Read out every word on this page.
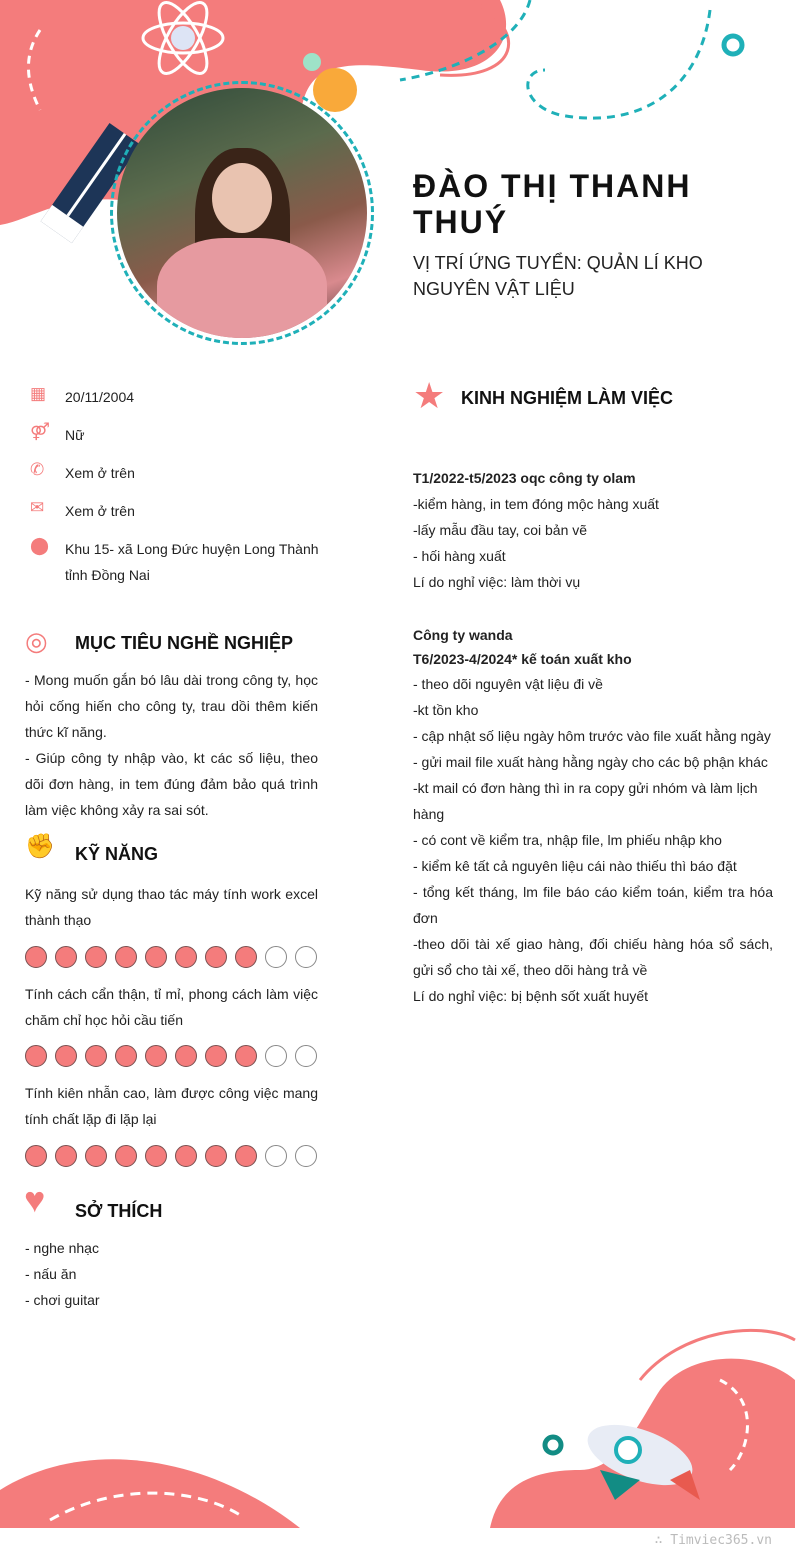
ĐÀO THỊ THANH THUÝ
VỊ TRÍ ỨNG TUYỂN: QUẢN LÍ KHO NGUYÊN VẬT LIỆU
▦	20/11/2004
⚤	Nữ
✆	Xem ở trên
✉	Xem ở trên
⬤	Khu 15- xã Long Đức huyện Long Thành tỉnh Đồng Nai
◎ MỤC TIÊU NGHỀ NGHIỆP
- Mong muốn gắn bó lâu dài trong công ty, học hỏi cống hiến cho công ty, trau dồi thêm kiến thức kĩ năng.
- Giúp công ty nhập vào, kt các số liệu, theo dõi đơn hàng, in tem đúng đảm bảo quá trình làm việc không xảy ra sai sót.
✊ KỸ NĂNG
Kỹ năng sử dụng thao tác máy tính work excel thành thạo
Tính cách cẩn thận, tỉ mỉ, phong cách làm việc chăm chỉ học hỏi cầu tiến
Tính kiên nhẫn cao, làm được công việc mang tính chất lặp đi lặp lại
♥ SỞ THÍCH
- nghe nhạc
- nấu ăn
- chơi guitar
★ KINH NGHIỆM LÀM VIỆC
T1/2022-t5/2023 oqc công ty olam
-kiểm hàng, in tem đóng mộc hàng xuất
-lấy mẫu đầu tay, coi bản vẽ
- hối hàng xuất
Lí do nghỉ việc: làm thời vụ
Công ty wanda
T6/2023-4/2024* kế toán xuất kho
- theo dõi nguyên vật liệu đi về
-kt tồn kho
- cập nhật số liệu ngày hôm trước vào file xuất hằng ngày
- gửi mail file xuất hàng hằng ngày cho các bộ phận khác
-kt mail có đơn hàng thì in ra copy gửi nhóm và làm lịch hàng
- có cont về kiểm tra, nhập file, lm phiếu nhập kho
- kiểm kê tất cả nguyên liệu cái nào thiếu thì báo đặt
- tổng kết tháng, lm file báo cáo kiểm toán, kiểm tra hóa đơn
-theo dõi tài xế giao hàng, đối chiếu hàng hóa sổ sách, gửi sổ cho tài xế, theo dõi hàng trả về
Lí do nghỉ việc: bị bệnh sốt xuất huyết
∴ Timviec365.vn
